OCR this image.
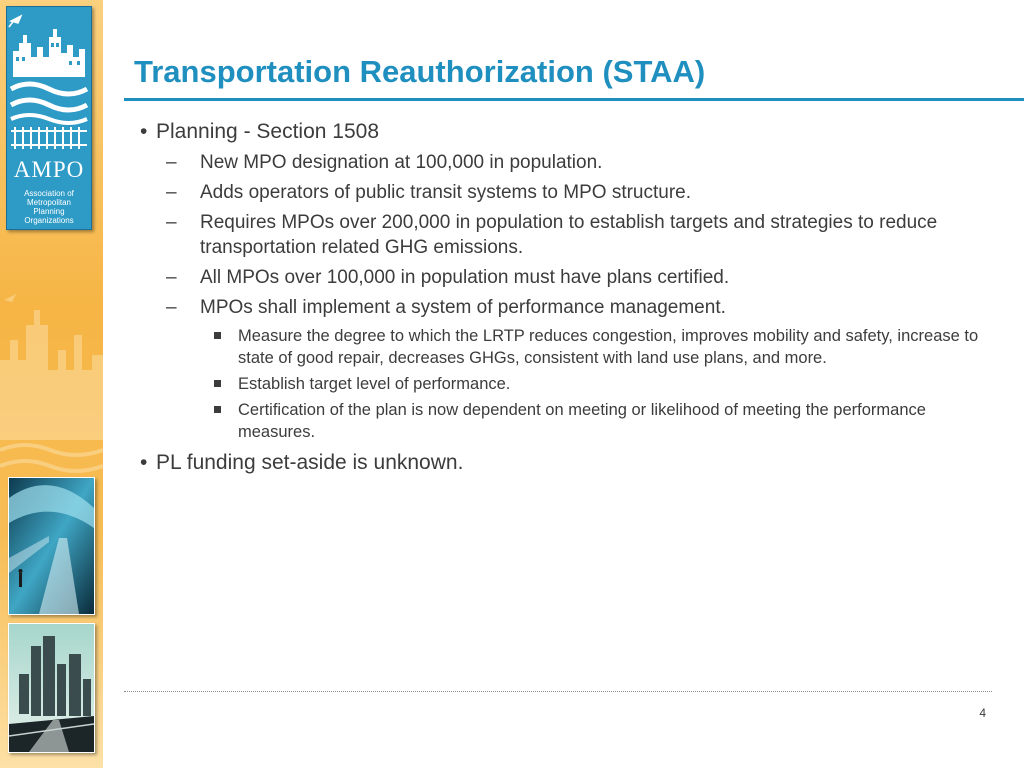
AMPO
Association of
Metropolitan
Planning
Organizations
Transportation Reauthorization (STAA)
• Planning - Section 1508
– New MPO designation at 100,000 in population.
– Adds operators of public transit systems to MPO structure.
– Requires MPOs over 200,000 in population to establish targets and strategies to reduce transportation related GHG emissions.
– All MPOs over 100,000 in population must have plans certified.
– MPOs shall implement a system of performance management.
Measure the degree to which the LRTP reduces congestion, improves mobility and safety, increase to state of good repair, decreases GHGs, consistent with land use plans, and more.
Establish target level of performance.
Certification of the plan is now dependent on meeting or likelihood of meeting the performance measures.
• PL funding set-aside is unknown.
4
